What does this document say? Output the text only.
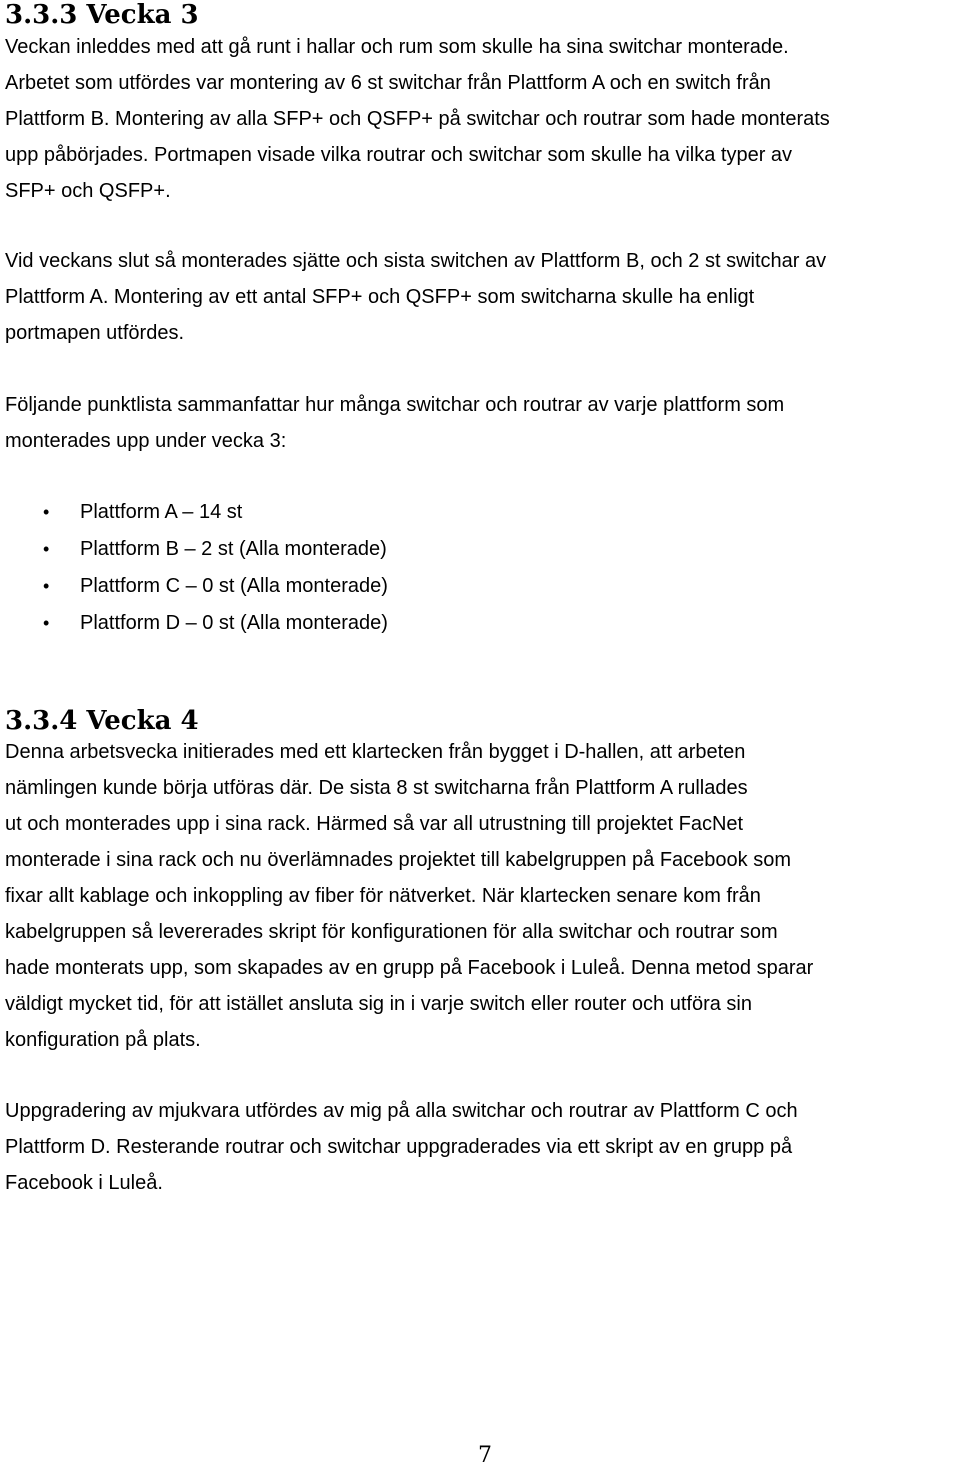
3.3.3 Vecka 3

Veckan inleddes med att gå runt i hallar och rum som skulle ha sina switchar monterade.
Arbetet som utfördes var montering av 6 st switchar från Plattform A och en switch från
Plattform B. Montering av alla SFP+ och QSFP+ på switchar och routrar som hade monterats
upp påbörjades. Portmapen visade vilka routrar och switchar som skulle ha vilka typer av
SFP+ och QSFP+.

Vid veckans slut så monterades sjätte och sista switchen av Plattform B, och 2 st switchar av
Plattform A. Montering av ett antal SFP+ och QSFP+ som switcharna skulle ha enligt
portmapen utfördes.

Följande punktlista sammanfattar hur många switchar och routrar av varje plattform som
monterades upp under vecka 3:

• Plattform A – 14 st
• Plattform B – 2 st (Alla monterade)
• Plattform C – 0 st (Alla monterade)
• Plattform D – 0 st (Alla monterade)
3.3.4 Vecka 4

Denna arbetsvecka initierades med ett klartecken från bygget i D-hallen, att arbeten
nämlingen kunde börja utföras där. De sista 8 st switcharna från Plattform A rullades
ut och monterades upp i sina rack. Härmed så var all utrustning till projektet FacNet
monterade i sina rack och nu överlämnades projektet till kabelgruppen på Facebook som
fixar allt kablage och inkoppling av fiber för nätverket. När klartecken senare kom från
kabelgruppen så levererades skript för konfigurationen för alla switchar och routrar som
hade monterats upp, som skapades av en grupp på Facebook i Luleå. Denna metod sparar
väldigt mycket tid, för att istället ansluta sig in i varje switch eller router och utföra sin
konfiguration på plats.

Uppgradering av mjukvara utfördes av mig på alla switchar och routrar av Plattform C och
Plattform D. Resterande routrar och switchar uppgraderades via ett skript av en grupp på
Facebook i Luleå.

7
